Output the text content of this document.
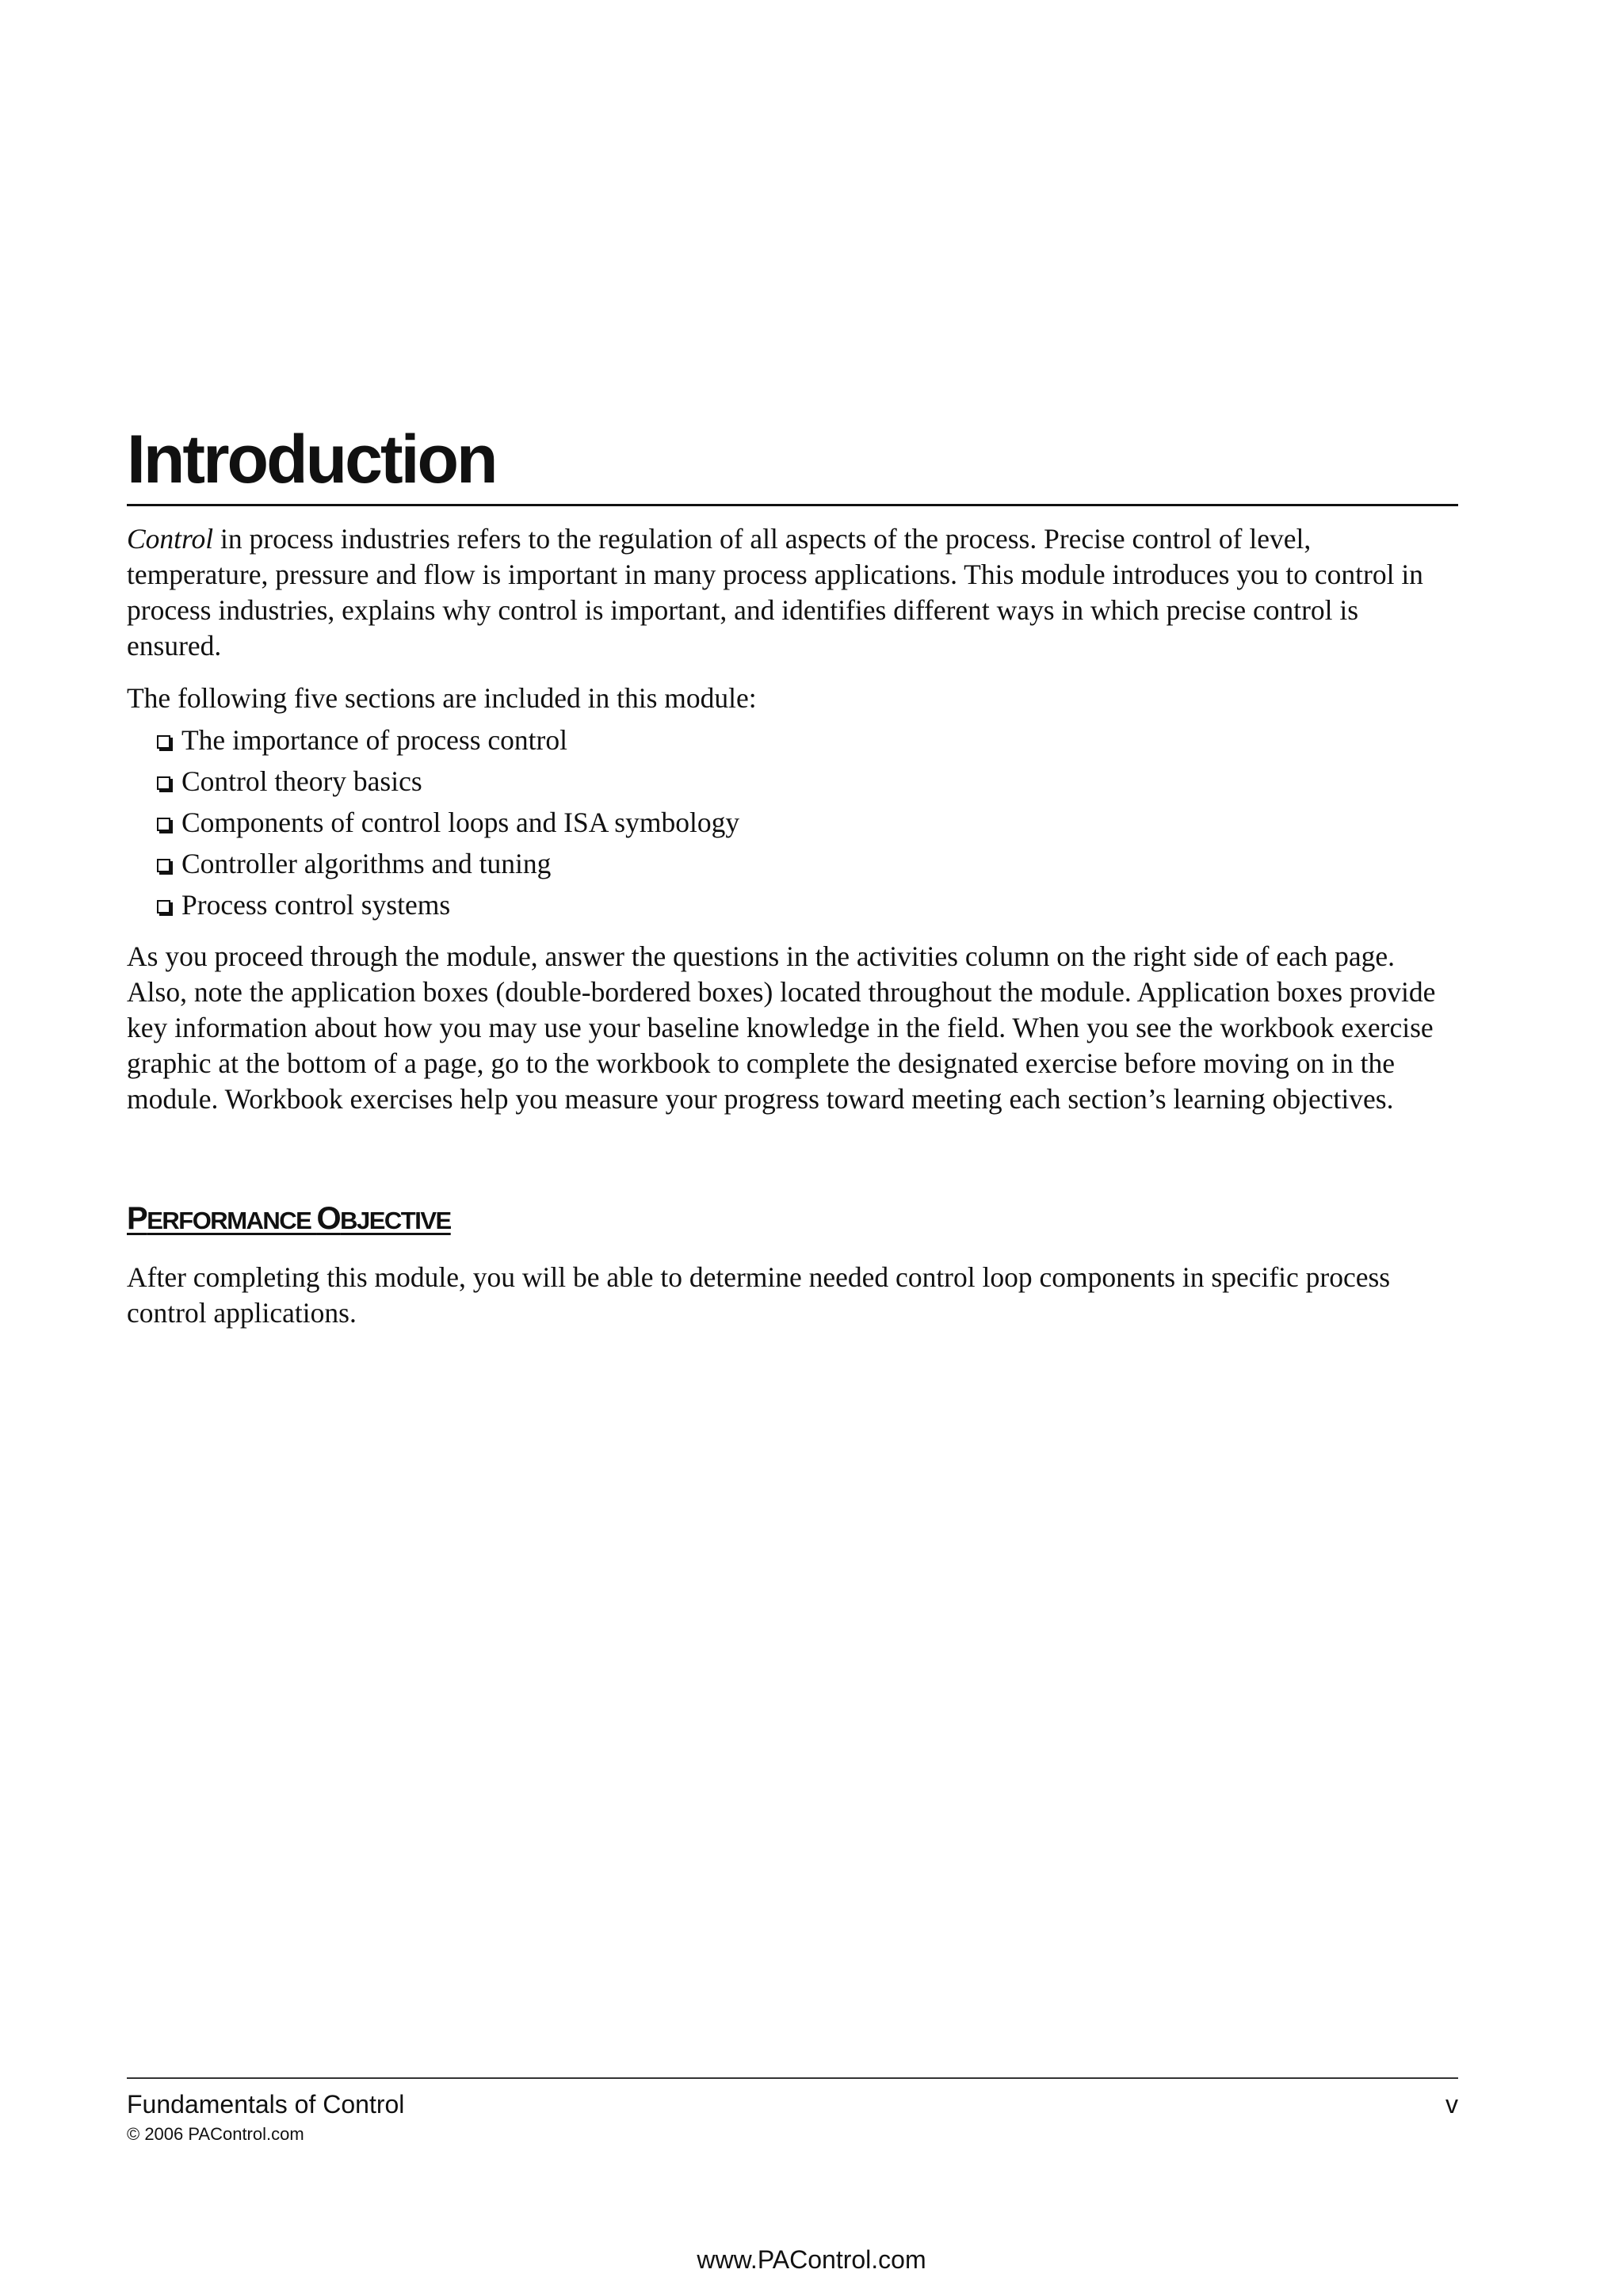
Introduction

Control in process industries refers to the regulation of all aspects of the process. Precise control of level, temperature, pressure and flow is important in many process applications. This module introduces you to control in process industries, explains why control is important, and identifies different ways in which precise control is ensured.

The following five sections are included in this module:

The importance of process control
Control theory basics
Components of control loops and ISA symbology
Controller algorithms and tuning
Process control systems

As you proceed through the module, answer the questions in the activities column on the right side of each page. Also, note the application boxes (double-bordered boxes) located throughout the module. Application boxes provide key information about how you may use your baseline knowledge in the field. When you see the workbook exercise graphic at the bottom of a page, go to the workbook to complete the designated exercise before moving on in the module. Workbook exercises help you measure your progress toward meeting each section’s learning objectives.

PERFORMANCE OBJECTIVE

After completing this module, you will be able to determine needed control loop components in specific process control applications.

Fundamentals of Control	v
© 2006 PAControl.com
www.PAControl.com
